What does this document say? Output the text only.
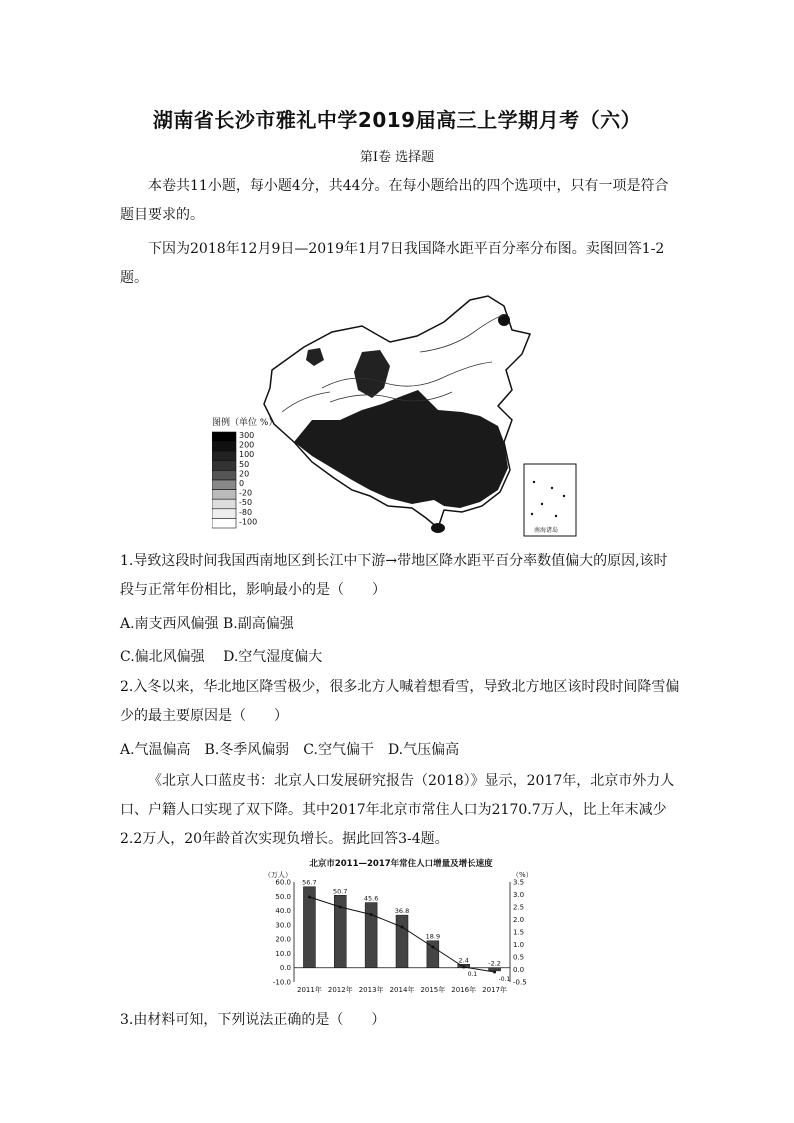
湖南省长沙市雅礼中学2019届高三上学期月考（六）

第Ⅰ卷 选择题

本卷共11小题，每小题4分，共44分。在每小题给出的四个选项中，只有一项是符合题目要求的。

下因为2018年12月9日—2019年1月7日我国降水距平百分率分布图。卖图回答1-2题。

图例（单位 %）
300
200
100
50
20
0
-20
-50
-80
-100
南海诸岛

1.导致这段时间我国西南地区到长江中下游→带地区降水距平百分率数值偏大的原因,该时段与正常年份相比，影响最小的是（　　）

A.南支西风偏强 B.副高偏强

C.偏北风偏强　 D.空气湿度偏大

2.入冬以来，华北地区降雪极少，很多北方人喊着想看雪，导致北方地区该时段时间降雪偏少的最主要原因是（　　）

A.气温偏高　B.冬季风偏弱　C.空气偏干　D.气压偏高

《北京人口蓝皮书：北京人口发展研究报告（2018）》显示，2017年，北京市外力人口、户籍人口实现了双下降。其中2017年北京市常住人口为2170.7万人，比上年末减少2.2万人，20年龄首次实现负增长。据此回答3-4题。

北京市2011—2017年常住人口增量及增长速度
（万人）	（%）
60.0
50.0
40.0
30.0
20.0
10.0
0.0
-10.0
3.5
3.0
2.5
2.0
1.5
1.0
0.5
0.0
-0.5
56.7
2011年
50.7
2012年
45.6
2013年
36.8
2014年
18.9
2015年
2.4
2016年
-2.2
2017年
0.1
-0.1

3.由材料可知，下列说法正确的是（　　）
